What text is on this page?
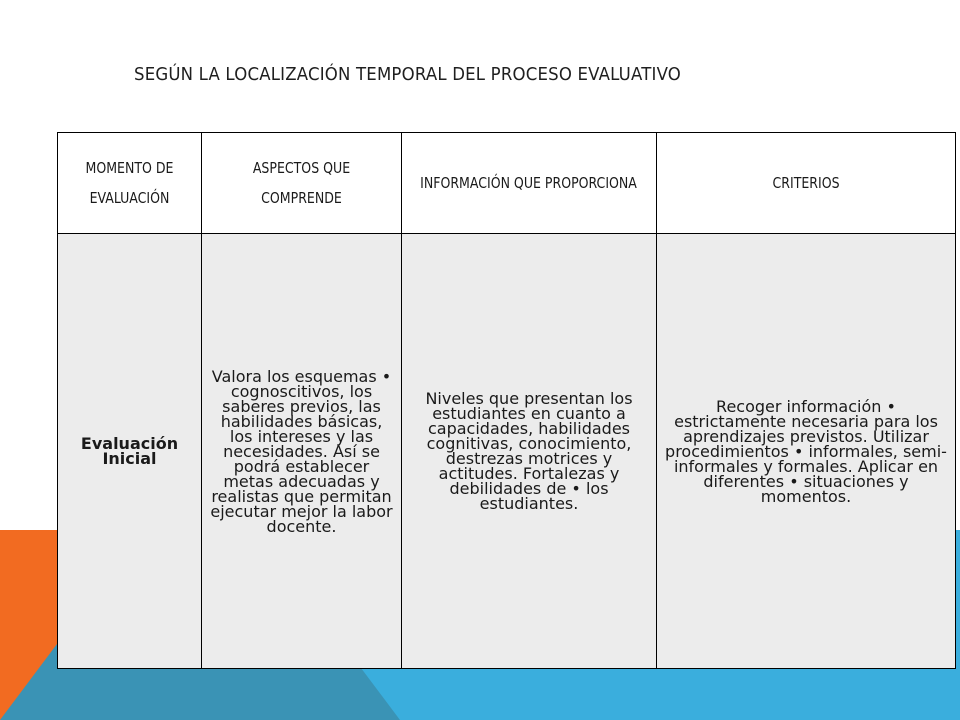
SEGÚN LA LOCALIZACIÓN TEMPORAL DEL PROCESO EVALUATIVO
MOMENTO DE EVALUACIÓN	ASPECTOS QUE COMPRENDE	INFORMACIÓN QUE PROPORCIONA	CRITERIOS
Evaluación Inicial	Valora los esquemas • cognoscitivos, los saberes previos, las habilidades básicas, los intereses y las necesidades. Así se podrá establecer metas adecuadas y realistas que permitan ejecutar mejor la labor docente.	Niveles que presentan los estudiantes en cuanto a capacidades, habilidades cognitivas, conocimiento, destrezas motrices y actitudes. Fortalezas y debilidades de • los estudiantes.	Recoger información • estrictamente necesaria para los aprendizajes previstos. Utilizar procedimientos • informales, semi-informales y formales. Aplicar en diferentes • situaciones y momentos.
